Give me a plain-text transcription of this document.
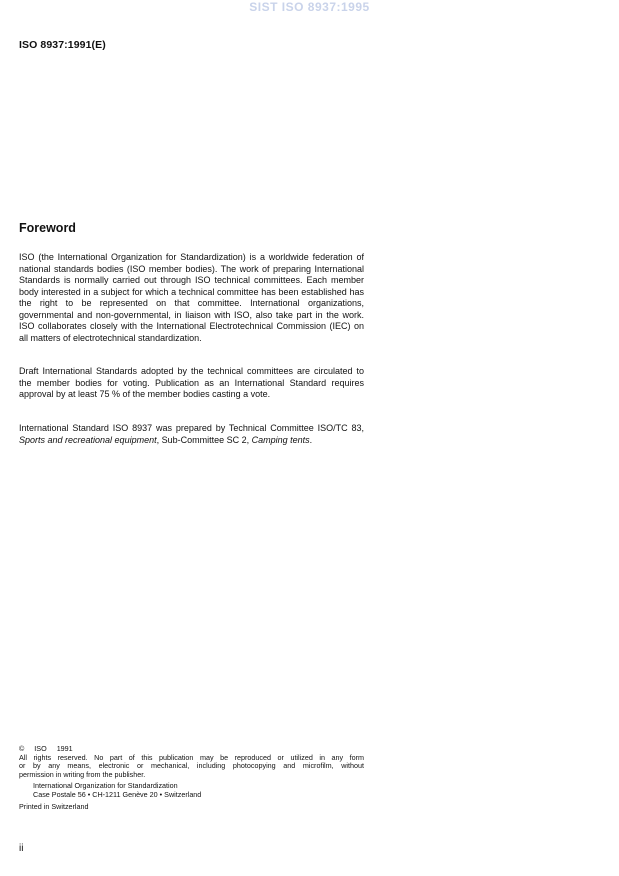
SIST ISO 8937:1995
ISO 8937:1991(E)
Foreword

ISO (the International Organization for Standardization) is a worldwide federation of national standards bodies (ISO member bodies). The work of preparing International Standards is normally carried out through ISO technical committees. Each member body interested in a subject for which a technical committee has been established has the right to be represented on that committee. International organizations, governmental and non-governmental, in liaison with ISO, also take part in the work. ISO collaborates closely with the International Electrotechnical Commission (IEC) on all matters of electrotechnical standardization.

Draft International Standards adopted by the technical committees are circulated to the member bodies for voting. Publication as an International Standard requires approval by at least 75 % of the member bodies casting a vote.

International Standard ISO 8937 was prepared by Technical Committee ISO/TC 83, Sports and recreational equipment, Sub-Committee SC 2, Camping tents.

© ISO 1991
All rights reserved. No part of this publication may be reproduced or utilized in any form
or by any means, electronic or mechanical, including photocopying and microfilm, without
permission in writing from the publisher.
International Organization for Standardization
Case Postale 56 • CH-1211 Genève 20 • Switzerland
Printed in Switzerland
ii
